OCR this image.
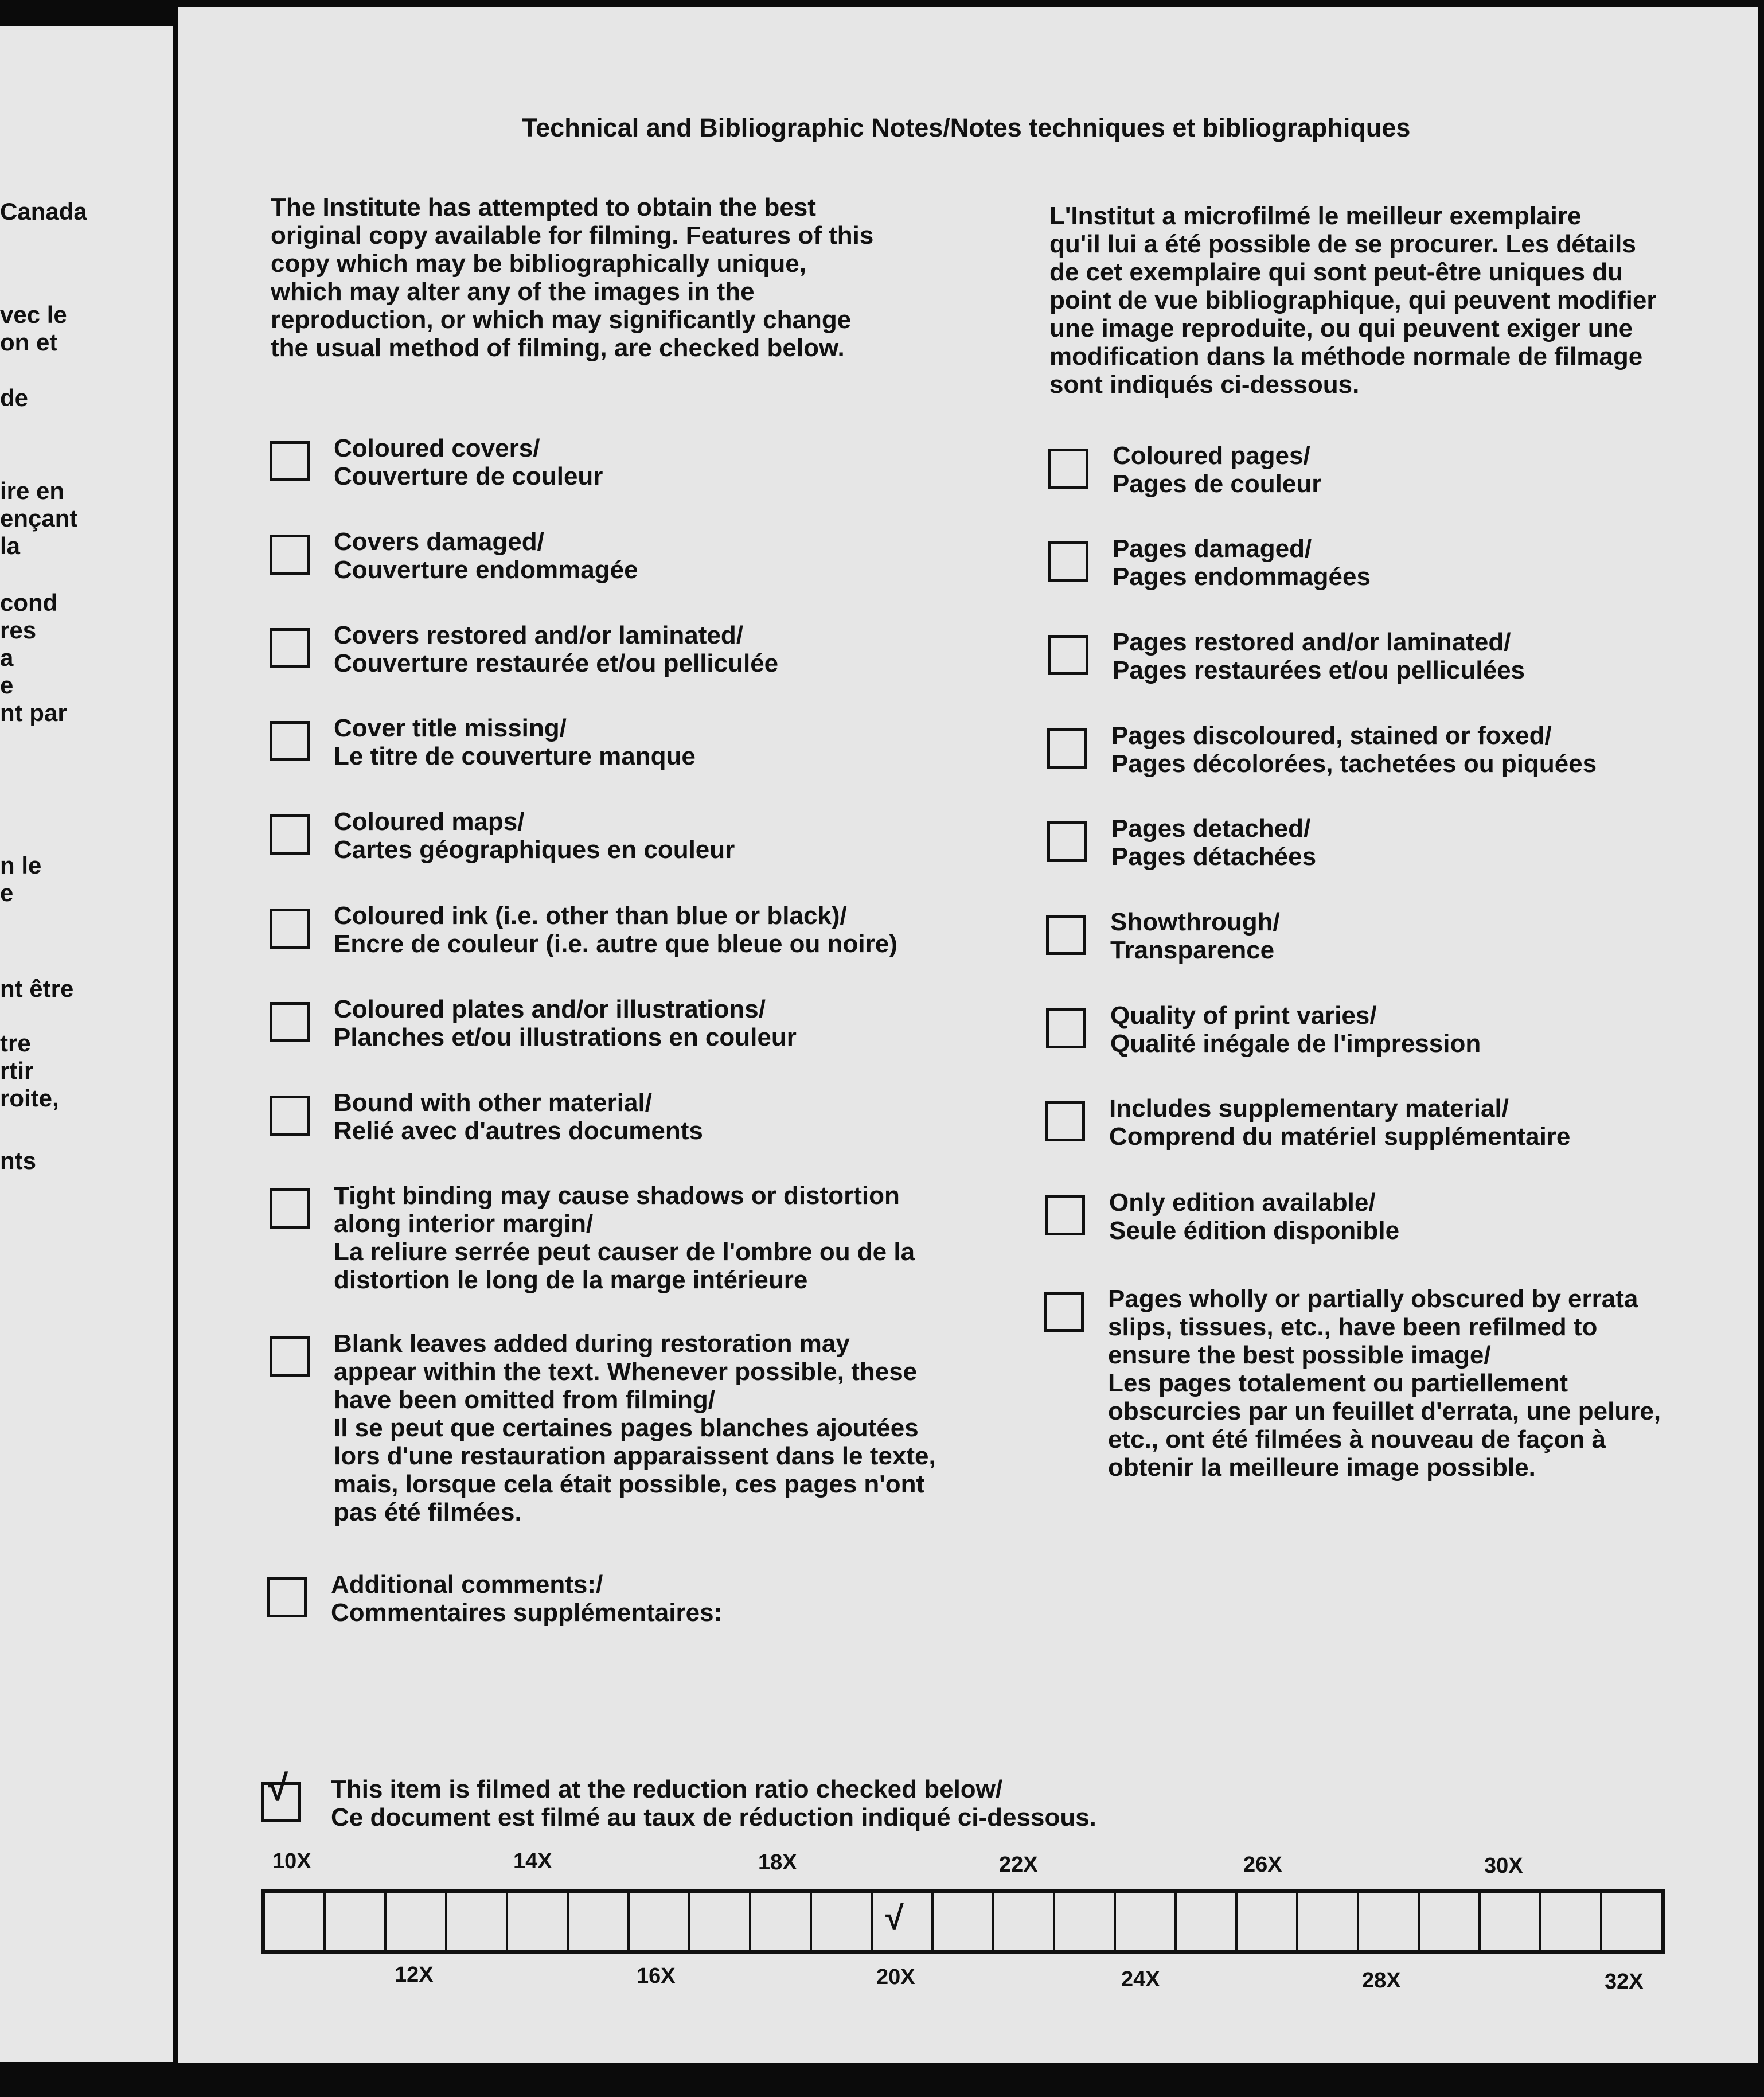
Canada
vec le
on et
de
ire en
ençant
la
cond
res
a
e
nt par
n le
e
nt être
tre
rtir
roite,
nts
Technical and Bibliographic Notes/Notes techniques et bibliographiques
The Institute has attempted to obtain the best
original copy available for filming. Features of this
copy which may be bibliographically unique,
which may alter any of the images in the
reproduction, or which may significantly change
the usual method of filming, are checked below.
L'Institut a microfilmé le meilleur exemplaire
qu'il lui a été possible de se procurer. Les détails
de cet exemplaire qui sont peut-être uniques du
point de vue bibliographique, qui peuvent modifier
une image reproduite, ou qui peuvent exiger une
modification dans la méthode normale de filmage
sont indiqués ci-dessous.
Coloured covers/
Couverture de couleur
Covers damaged/
Couverture endommagée
Covers restored and/or laminated/
Couverture restaurée et/ou pelliculée
Cover title missing/
Le titre de couverture manque
Coloured maps/
Cartes géographiques en couleur
Coloured ink (i.e. other than blue or black)/
Encre de couleur (i.e. autre que bleue ou noire)
Coloured plates and/or illustrations/
Planches et/ou illustrations en couleur
Bound with other material/
Relié avec d'autres documents
Tight binding may cause shadows or distortion
along interior margin/
La reliure serrée peut causer de l'ombre ou de la
distortion le long de la marge intérieure
Blank leaves added during restoration may
appear within the text. Whenever possible, these
have been omitted from filming/
Il se peut que certaines pages blanches ajoutées
lors d'une restauration apparaissent dans le texte,
mais, lorsque cela était possible, ces pages n'ont
pas été filmées.
Additional comments:/
Commentaires supplémentaires:
Coloured pages/
Pages de couleur
Pages damaged/
Pages endommagées
Pages restored and/or laminated/
Pages restaurées et/ou pelliculées
Pages discoloured, stained or foxed/
Pages décolorées, tachetées ou piquées
Pages detached/
Pages détachées
Showthrough/
Transparence
Quality of print varies/
Qualité inégale de l'impression
Includes supplementary material/
Comprend du matériel supplémentaire
Only edition available/
Seule édition disponible
Pages wholly or partially obscured by errata
slips, tissues, etc., have been refilmed to
ensure the best possible image/
Les pages totalement ou partiellement
obscurcies par un feuillet d'errata, une pelure,
etc., ont été filmées à nouveau de façon à
obtenir la meilleure image possible.
√ This item is filmed at the reduction ratio checked below/
Ce document est filmé au taux de réduction indiqué ci-dessous.
10X	14X	18X	22X	26X	30X
√
12X	16X	20X	24X	28X	32X
